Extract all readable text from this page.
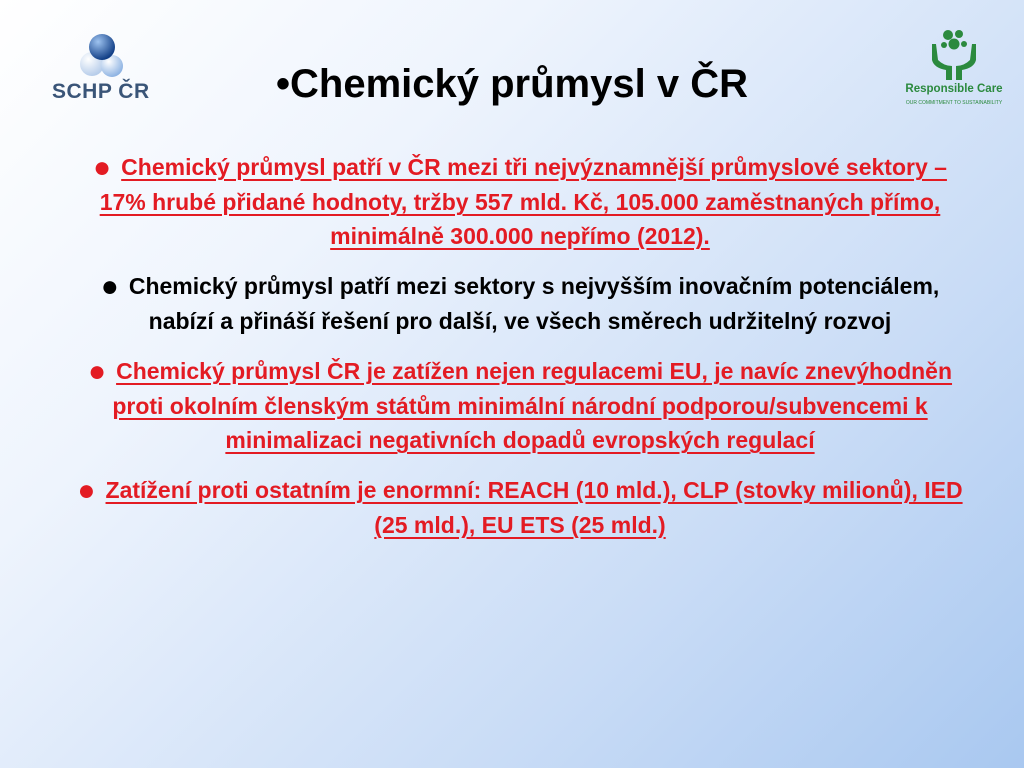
SCHP ČR	•Chemický průmysl v ČR	Responsible Care
OUR COMMITMENT TO SUSTAINABILITY
● Chemický průmysl patří v ČR mezi tři nejvýznamnější průmyslové sektory – 17% hrubé přidané hodnoty, tržby 557 mld. Kč, 105.000 zaměstnaných přímo, minimálně 300.000 nepřímo (2012).
● Chemický průmysl patří mezi sektory s nejvyšším inovačním potenciálem, nabízí a přináší řešení pro další, ve všech směrech udržitelný rozvoj
● Chemický průmysl ČR je zatížen nejen regulacemi EU, je navíc znevýhodněn proti okolním členským státům minimální národní podporou/subvencemi k minimalizaci negativních dopadů evropských regulací
● Zatížení proti ostatním je enormní: REACH (10 mld.), CLP (stovky milionů), IED (25 mld.), EU ETS (25 mld.)
